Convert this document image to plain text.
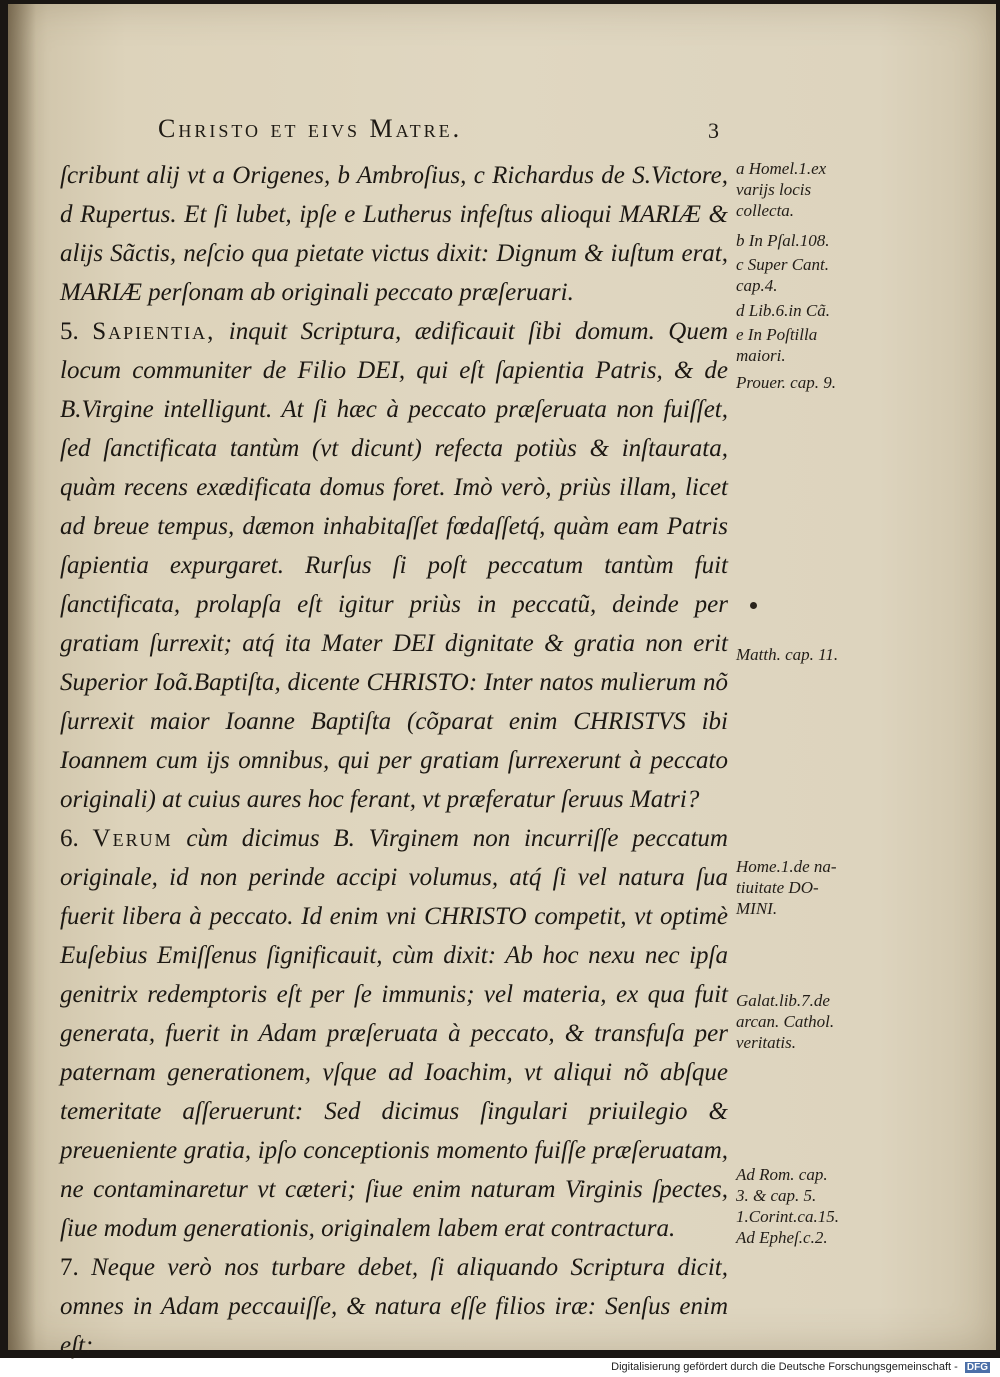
Christo et eivs Matre.	3

ſcribunt alij vt a Origenes, b Ambroſius, c Richardus de S.Victore, d Rupertus. Et ſi lubet, ipſe e Lutherus infeſtus alioqui MARIÆ & alijs Sãctis, neſcio qua pietate victus dixit: Dignum & iuſtum erat, MARIÆ perſonam ab originali peccato præſeruari.

5. Sapientia, inquit Scriptura, ædificauit ſibi domum. Quem locum communiter de Filio DEI, qui eſt ſapientia Patris, & de B.Virgine intelligunt. At ſi hæc à peccato præſeruata non fuiſſet, ſed ſanctificata tantùm (vt dicunt) refecta potiùs & inſtaurata, quàm recens exædificata domus foret. Imò verò, priùs illam, licet ad breue tempus, dæmon inhabitaſſet fœdaſſetq́, quàm eam Patris ſapientia expurgaret. Rurſus ſi poſt peccatum tantùm fuit ſanctificata, prolapſa eſt igitur priùs in peccatũ, deinde per gratiam ſurrexit; atq́ ita Mater DEI dignitate & gratia non erit Superior Ioã.Baptiſta, dicente CHRISTO: Inter natos mulierum nõ ſurrexit maior Ioanne Baptiſta (cõparat enim CHRISTVS ibi Ioannem cum ijs omnibus, qui per gratiam ſurrexerunt à peccato originali) at cuius aures hoc ferant, vt præferatur ſeruus Matri?

6. Verum cùm dicimus B. Virginem non incurriſſe peccatum originale, id non perinde accipi volumus, atq́ ſi vel natura ſua fuerit libera à peccato. Id enim vni CHRISTO competit, vt optimè Euſebius Emiſſenus ſignificauit, cùm dixit: Ab hoc nexu nec ipſa genitrix redemptoris eſt per ſe immunis; vel materia, ex qua fuit generata, fuerit in Adam præſeruata à peccato, & transfuſa per paternam generationem, vſque ad Ioachim, vt aliqui nõ abſque temeritate aſſeruerunt: Sed dicimus ſingulari priuilegio & preueniente gratia, ipſo conceptionis momento fuiſſe præſeruatam, ne contaminaretur vt cæteri; ſiue enim naturam Virginis ſpectes, ſiue modum generationis, originalem labem erat contractura.

7. Neque verò nos turbare debet, ſi aliquando Scriptura dicit, omnes in Adam peccauiſſe, & natura eſſe filios iræ: Senſus enim eſt:

a Homel.1.ex
varijs locis
collecta.
b In Pſal.108.
c Super Cant.
cap.4.
d Lib.6.in Cã.
e In Poſtilla
maiori.
Prouer. cap. 9.
Matth. cap. 11.
Home.1.de na-
tiuitate DO-
MINI.
Galat.lib.7.de
arcan. Cathol.
veritatis.
Ad Rom. cap.
3. & cap. 5.
1.Corint.ca.15.
Ad Epheſ.c.2.
Digitalisierung gefördert durch die Deutsche Forschungsgemeinschaft - DFG
